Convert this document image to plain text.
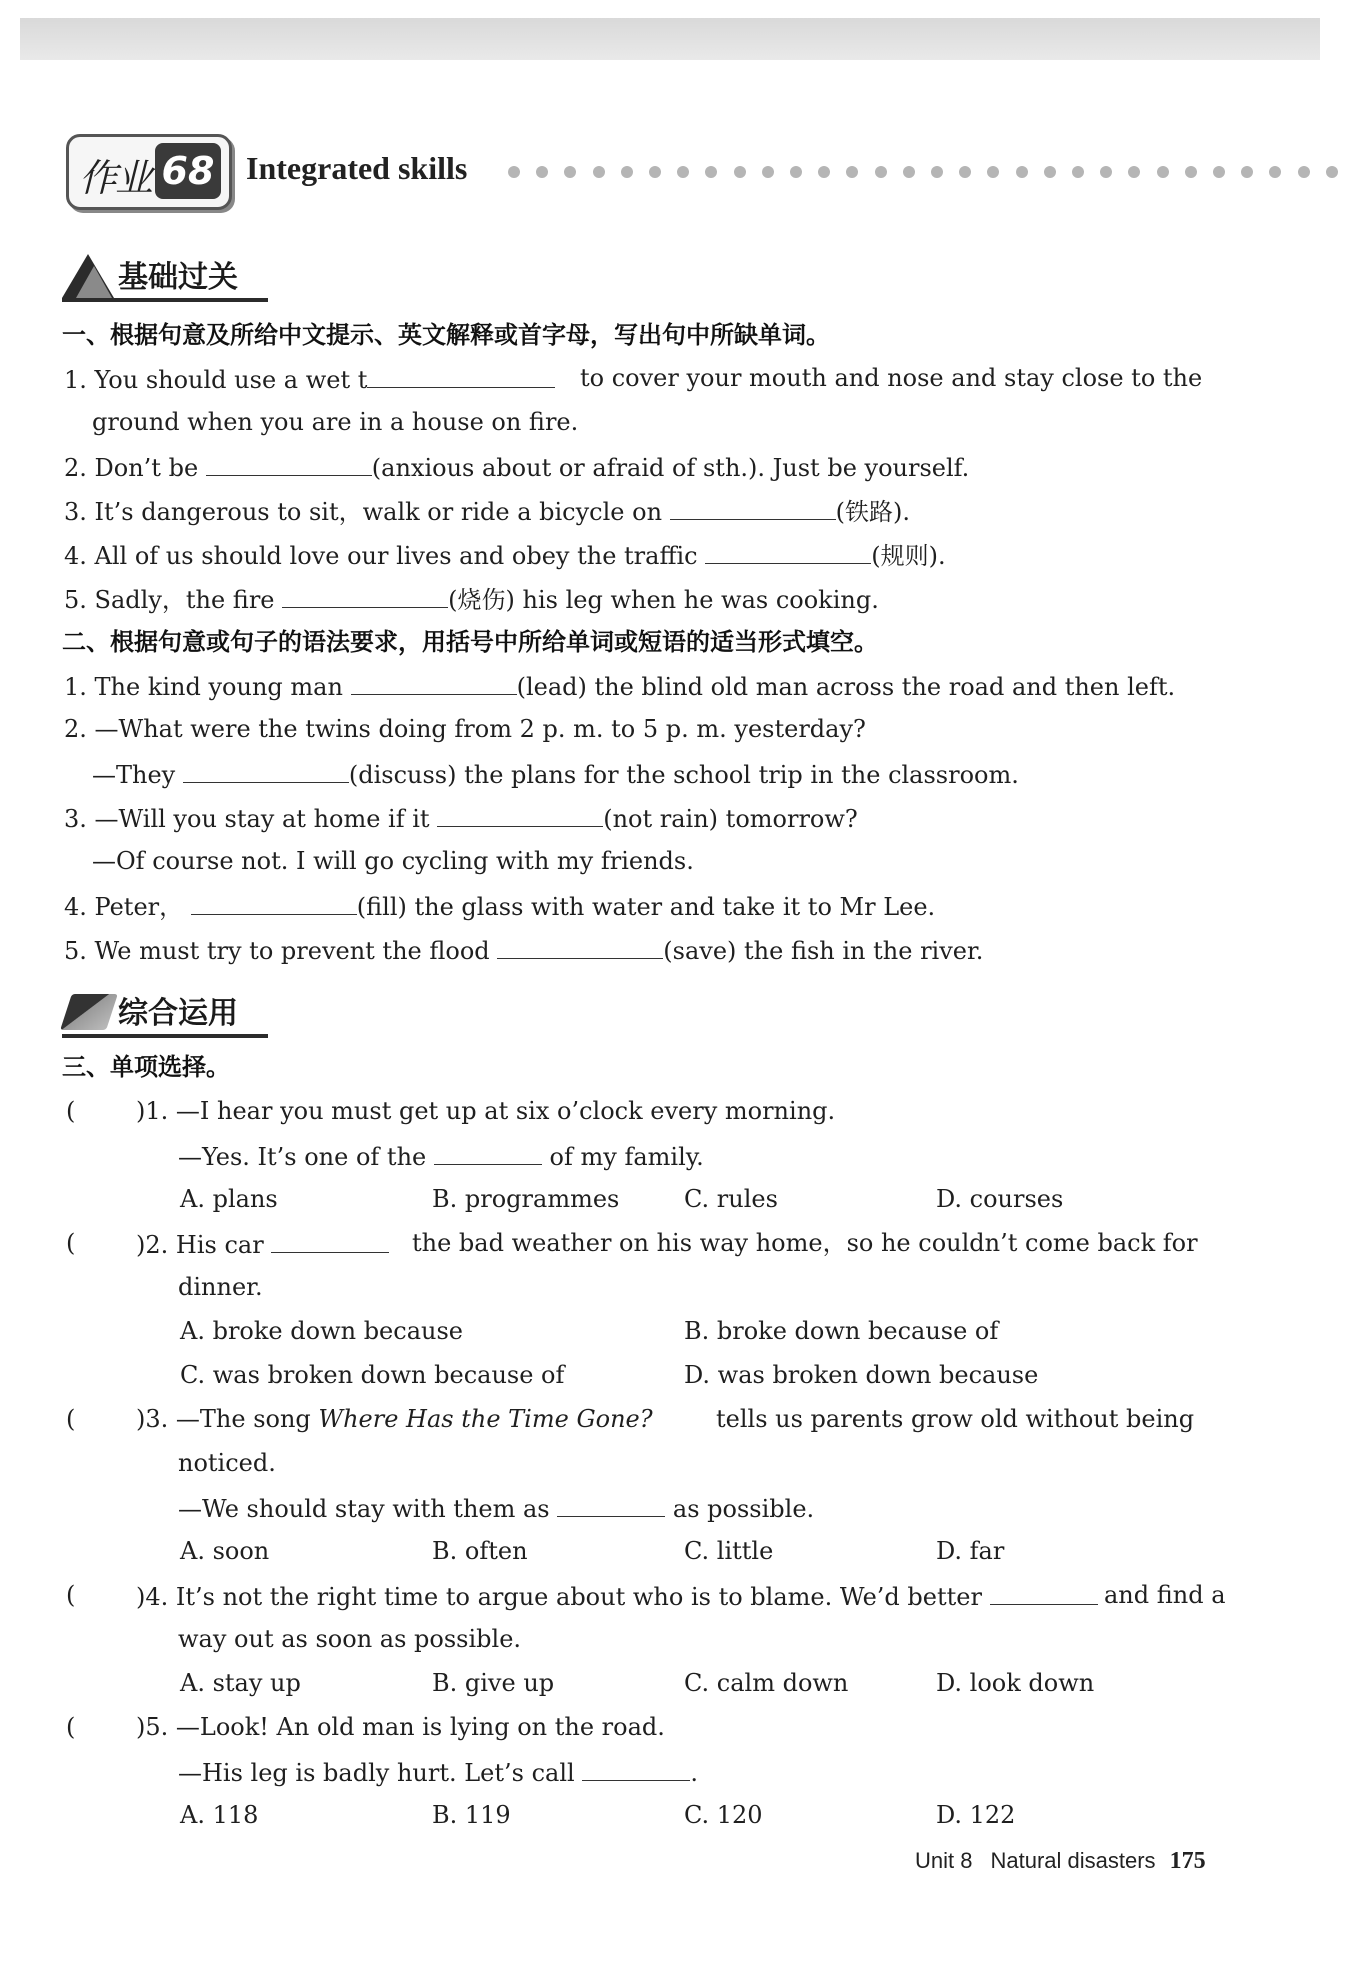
作业 68 Integrated skills
基础过关
一、根据句意及所给中文提示、英文解释或首字母，写出句中所缺单词。
1. You should use a wet t	to cover your mouth and nose and stay close to the
ground when you are in a house on fire.
2. Don’t be	(anxious about or afraid of sth.). Just be yourself.
3. It’s dangerous to sit，walk or ride a bicycle on	(铁路).
4. All of us should love our lives and obey the traffic	(规则).
5. Sadly，the fire	(烧伤) his leg when he was cooking.
二、根据句意或句子的语法要求，用括号中所给单词或短语的适当形式填空。
1. The kind young man	(lead) the blind old man across the road and then left.
2. —What were the twins doing from 2 p. m. to 5 p. m. yesterday?
—They	(discuss) the plans for the school trip in the classroom.
3. —Will you stay at home if it	(not rain) tomorrow?
—Of course not. I will go cycling with my friends.
4. Peter，	(fill) the glass with water and take it to Mr Lee.
5. We must try to prevent the flood	(save) the fish in the river.
综合运用
三、单项选择。
(	)1. —I hear you must get up at six o’clock every morning.
—Yes. It’s one of the	of my family.
A. plans	B. programmes	C. rules	D. courses
(	)2. His car	the bad weather on his way home，so he couldn’t come back for
dinner.
A. broke down because	B. broke down because of
C. was broken down because of	D. was broken down because
(	)3. —The song Where Has the Time Gone?	tells us parents grow old without being
noticed.
—We should stay with them as	as possible.
A. soon	B. often	C. little	D. far
(	)4. It’s not the right time to argue about who is to blame. We’d better	and find a
way out as soon as possible.
A. stay up	B. give up	C. calm down	D. look down
(	)5. —Look! An old man is lying on the road.
—His leg is badly hurt. Let’s call	.
A. 118	B. 119	C. 120	D. 122
Unit 8 Natural disasters 175
